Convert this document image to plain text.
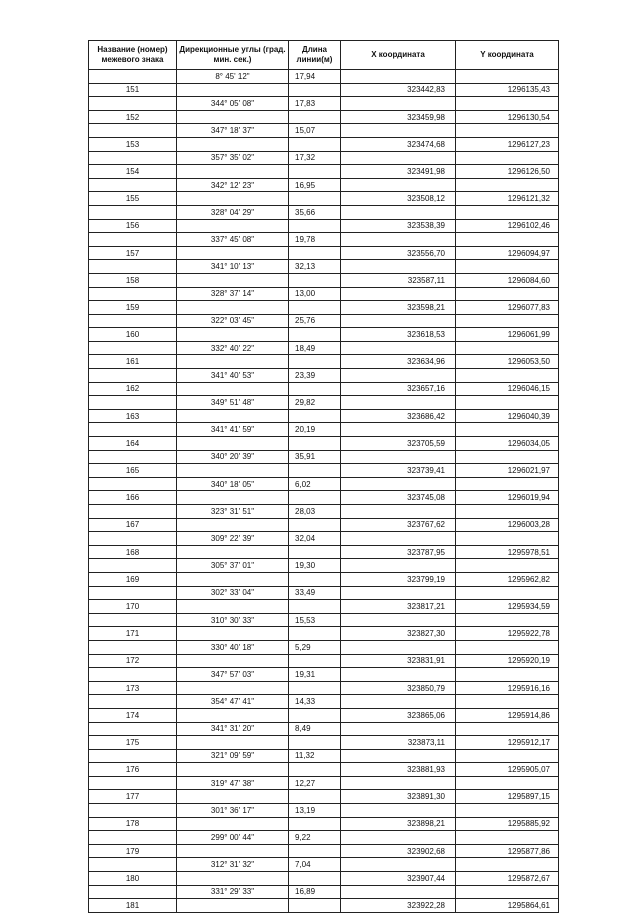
Название (номер) межевого знака	Дирекционные углы (град. мин. сек.)	Длина линии(м)	X координата	Y координата
	8° 45' 12"	17,94		
151			323442,83	1296135,43
	344° 05' 08"	17,83		
152			323459,98	1296130,54
	347° 18' 37"	15,07		
153			323474,68	1296127,23
	357° 35' 02"	17,32		
154			323491,98	1296126,50
	342° 12' 23"	16,95		
155			323508,12	1296121,32
	328° 04' 29"	35,66		
156			323538,39	1296102,46
	337° 45' 08"	19,78		
157			323556,70	1296094,97
	341° 10' 13"	32,13		
158			323587,11	1296084,60
	328° 37' 14"	13,00		
159			323598,21	1296077,83
	322° 03' 45"	25,76		
160			323618,53	1296061,99
	332° 40' 22"	18,49		
161			323634,96	1296053,50
	341° 40' 53"	23,39		
162			323657,16	1296046,15
	349° 51' 48"	29,82		
163			323686,42	1296040,39
	341° 41' 59"	20,19		
164			323705,59	1296034,05
	340° 20' 39"	35,91		
165			323739,41	1296021,97
	340° 18' 05"	6,02		
166			323745,08	1296019,94
	323° 31' 51"	28,03		
167			323767,62	1296003,28
	309° 22' 39"	32,04		
168			323787,95	1295978,51
	305° 37' 01"	19,30		
169			323799,19	1295962,82
	302° 33' 04"	33,49		
170			323817,21	1295934,59
	310° 30' 33"	15,53		
171			323827,30	1295922,78
	330° 40' 18"	5,29		
172			323831,91	1295920,19
	347° 57' 03"	19,31		
173			323850,79	1295916,16
	354° 47' 41"	14,33		
174			323865,06	1295914,86
	341° 31' 20"	8,49		
175			323873,11	1295912,17
	321° 09' 59"	11,32		
176			323881,93	1295905,07
	319° 47' 38"	12,27		
177			323891,30	1295897,15
	301° 36' 17"	13,19		
178			323898,21	1295885,92
	299° 00' 44"	9,22		
179			323902,68	1295877,86
	312° 31' 32"	7,04		
180			323907,44	1295872,67
	331° 29' 33"	16,89		
181			323922,28	1295864,61
